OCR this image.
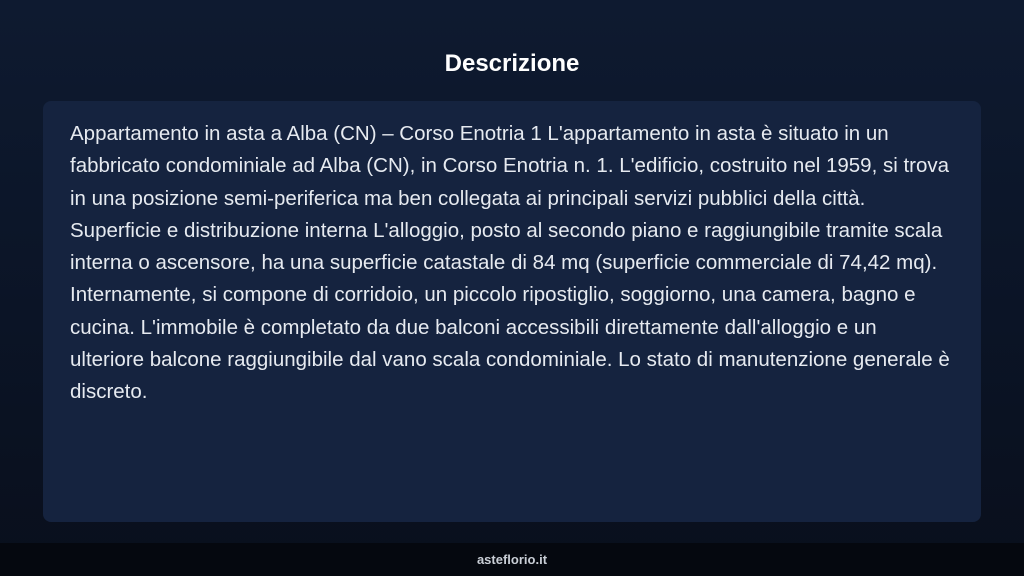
Descrizione

Appartamento in asta a Alba (CN) – Corso Enotria 1 L'appartamento in asta è situato in un fabbricato condominiale ad Alba (CN), in Corso Enotria n. 1. L'edificio, costruito nel 1959, si trova in una posizione semi-periferica ma ben collegata ai principali servizi pubblici della città. Superficie e distribuzione interna L'alloggio, posto al secondo piano e raggiungibile tramite scala interna o ascensore, ha una superficie catastale di 84 mq (superficie commerciale di 74,42 mq). Internamente, si compone di corridoio, un piccolo ripostiglio, soggiorno, una camera, bagno e cucina. L'immobile è completato da due balconi accessibili direttamente dall'alloggio e un ulteriore balcone raggiungibile dal vano scala condominiale. Lo stato di manutenzione generale è discreto.

asteflorio.it
